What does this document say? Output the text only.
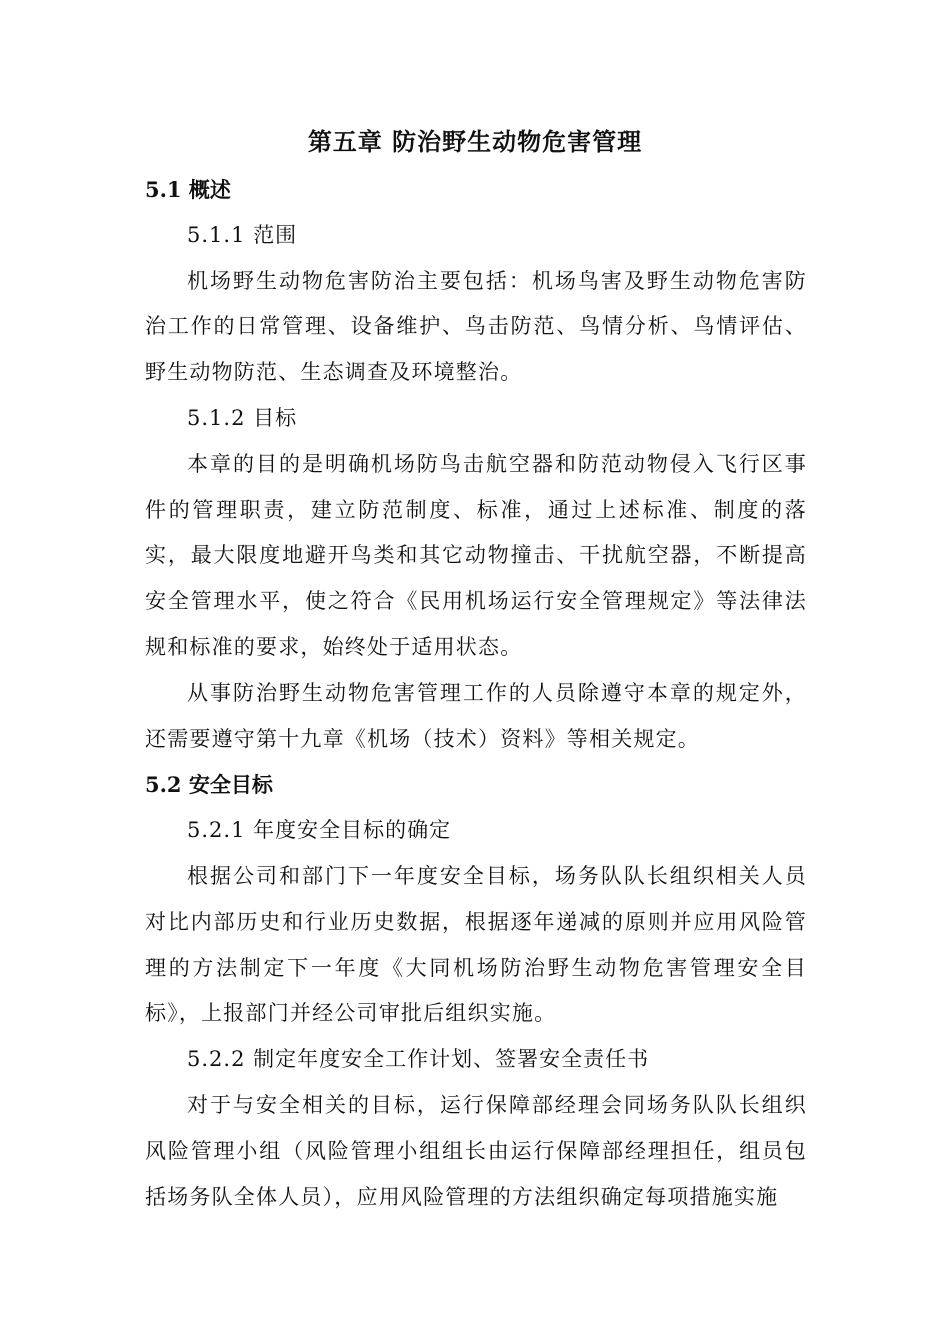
第五章 防治野生动物危害管理

5.1 概述

5.1.1 范围

机场野生动物危害防治主要包括：机场鸟害及野生动物危害防治工作的日常管理、设备维护、鸟击防范、鸟情分析、鸟情评估、野生动物防范、生态调查及环境整治。

5.1.2 目标

本章的目的是明确机场防鸟击航空器和防范动物侵入飞行区事件的管理职责，建立防范制度、标准，通过上述标准、制度的落实，最大限度地避开鸟类和其它动物撞击、干扰航空器，不断提高安全管理水平，使之符合《民用机场运行安全管理规定》等法律法规和标准的要求，始终处于适用状态。

从事防治野生动物危害管理工作的人员除遵守本章的规定外，还需要遵守第十九章《机场（技术）资料》等相关规定。

5.2 安全目标

5.2.1 年度安全目标的确定

根据公司和部门下一年度安全目标，场务队队长组织相关人员对比内部历史和行业历史数据，根据逐年递减的原则并应用风险管理的方法制定下一年度《大同机场防治野生动物危害管理安全目标》，上报部门并经公司审批后组织实施。

5.2.2 制定年度安全工作计划、签署安全责任书

对于与安全相关的目标，运行保障部经理会同场务队队长组织风险管理小组（风险管理小组组长由运行保障部经理担任，组员包括场务队全体人员），应用风险管理的方法组织确定每项措施实施
